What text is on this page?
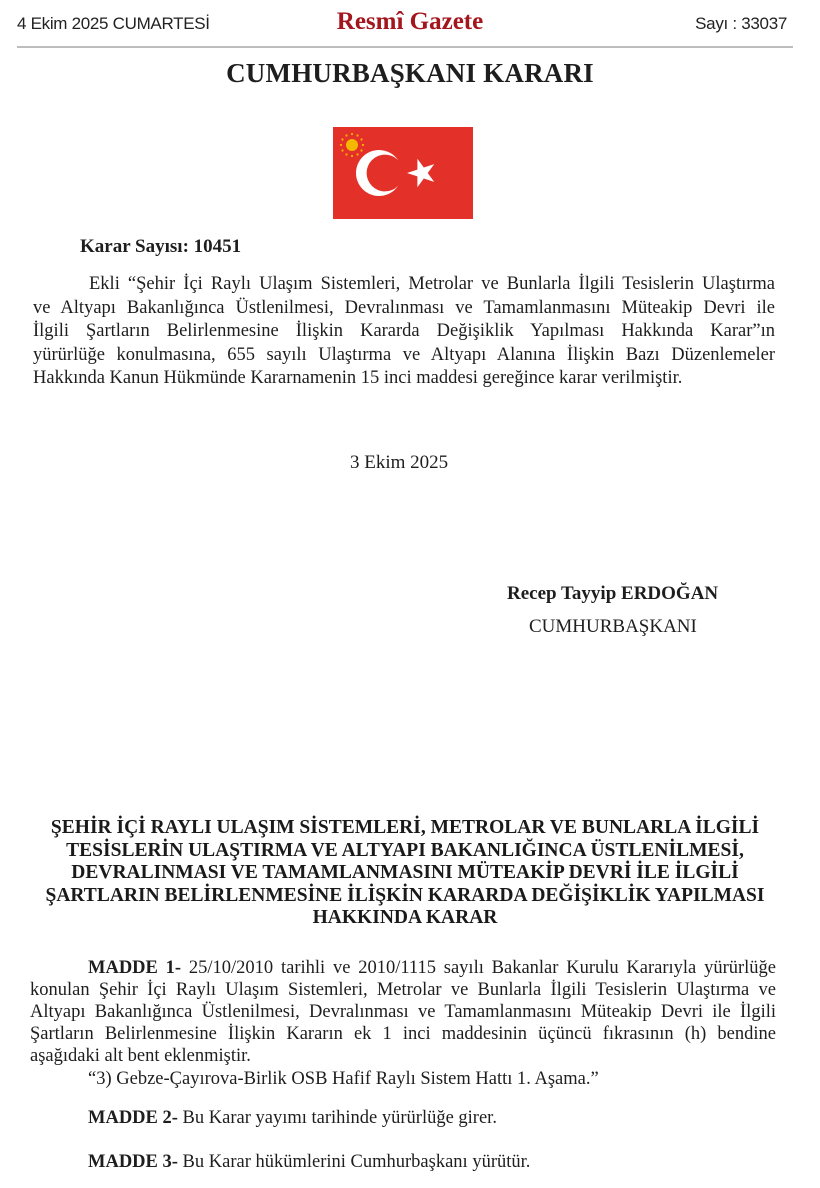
4 Ekim 2025 CUMARTESİ	Resmî Gazete	Sayı : 33037
CUMHURBAŞKANI KARARI
Karar Sayısı: 10451
Ekli “Şehir İçi Raylı Ulaşım Sistemleri, Metrolar ve Bunlarla İlgili Tesislerin Ulaştırma
ve Altyapı Bakanlığınca Üstlenilmesi, Devralınması ve Tamamlanmasını Müteakip Devri ile
İlgili Şartların Belirlenmesine İlişkin Kararda Değişiklik Yapılması Hakkında Karar”ın
yürürlüğe konulmasına, 655 sayılı Ulaştırma ve Altyapı Alanına İlişkin Bazı Düzenlemeler
Hakkında Kanun Hükmünde Kararnamenin 15 inci maddesi gereğince karar verilmiştir.
3 Ekim 2025
Recep Tayyip ERDOĞAN
CUMHURBAŞKANI
ŞEHİR İÇİ RAYLI ULAŞIM SİSTEMLERİ, METROLAR VE BUNLARLA İLGİLİ
TESİSLERİN ULAŞTIRMA VE ALTYAPI BAKANLIĞINCA ÜSTLENİLMESİ,
DEVRALINMASI VE TAMAMLANMASINI MÜTEAKİP DEVRİ İLE İLGİLİ
ŞARTLARIN BELİRLENMESİNE İLİŞKİN KARARDA DEĞİŞİKLİK YAPILMASI
HAKKINDA KARAR
MADDE 1- 25/10/2010 tarihli ve 2010/1115 sayılı Bakanlar Kurulu Kararıyla yürürlüğe
konulan Şehir İçi Raylı Ulaşım Sistemleri, Metrolar ve Bunlarla İlgili Tesislerin Ulaştırma ve
Altyapı Bakanlığınca Üstlenilmesi, Devralınması ve Tamamlanmasını Müteakip Devri ile İlgili
Şartların Belirlenmesine İlişkin Kararın ek 1 inci maddesinin üçüncü fıkrasının (h) bendine
aşağıdaki alt bent eklenmiştir.
“3) Gebze-Çayırova-Birlik OSB Hafif Raylı Sistem Hattı 1. Aşama.”
MADDE 2- Bu Karar yayımı tarihinde yürürlüğe girer.
MADDE 3- Bu Karar hükümlerini Cumhurbaşkanı yürütür.
